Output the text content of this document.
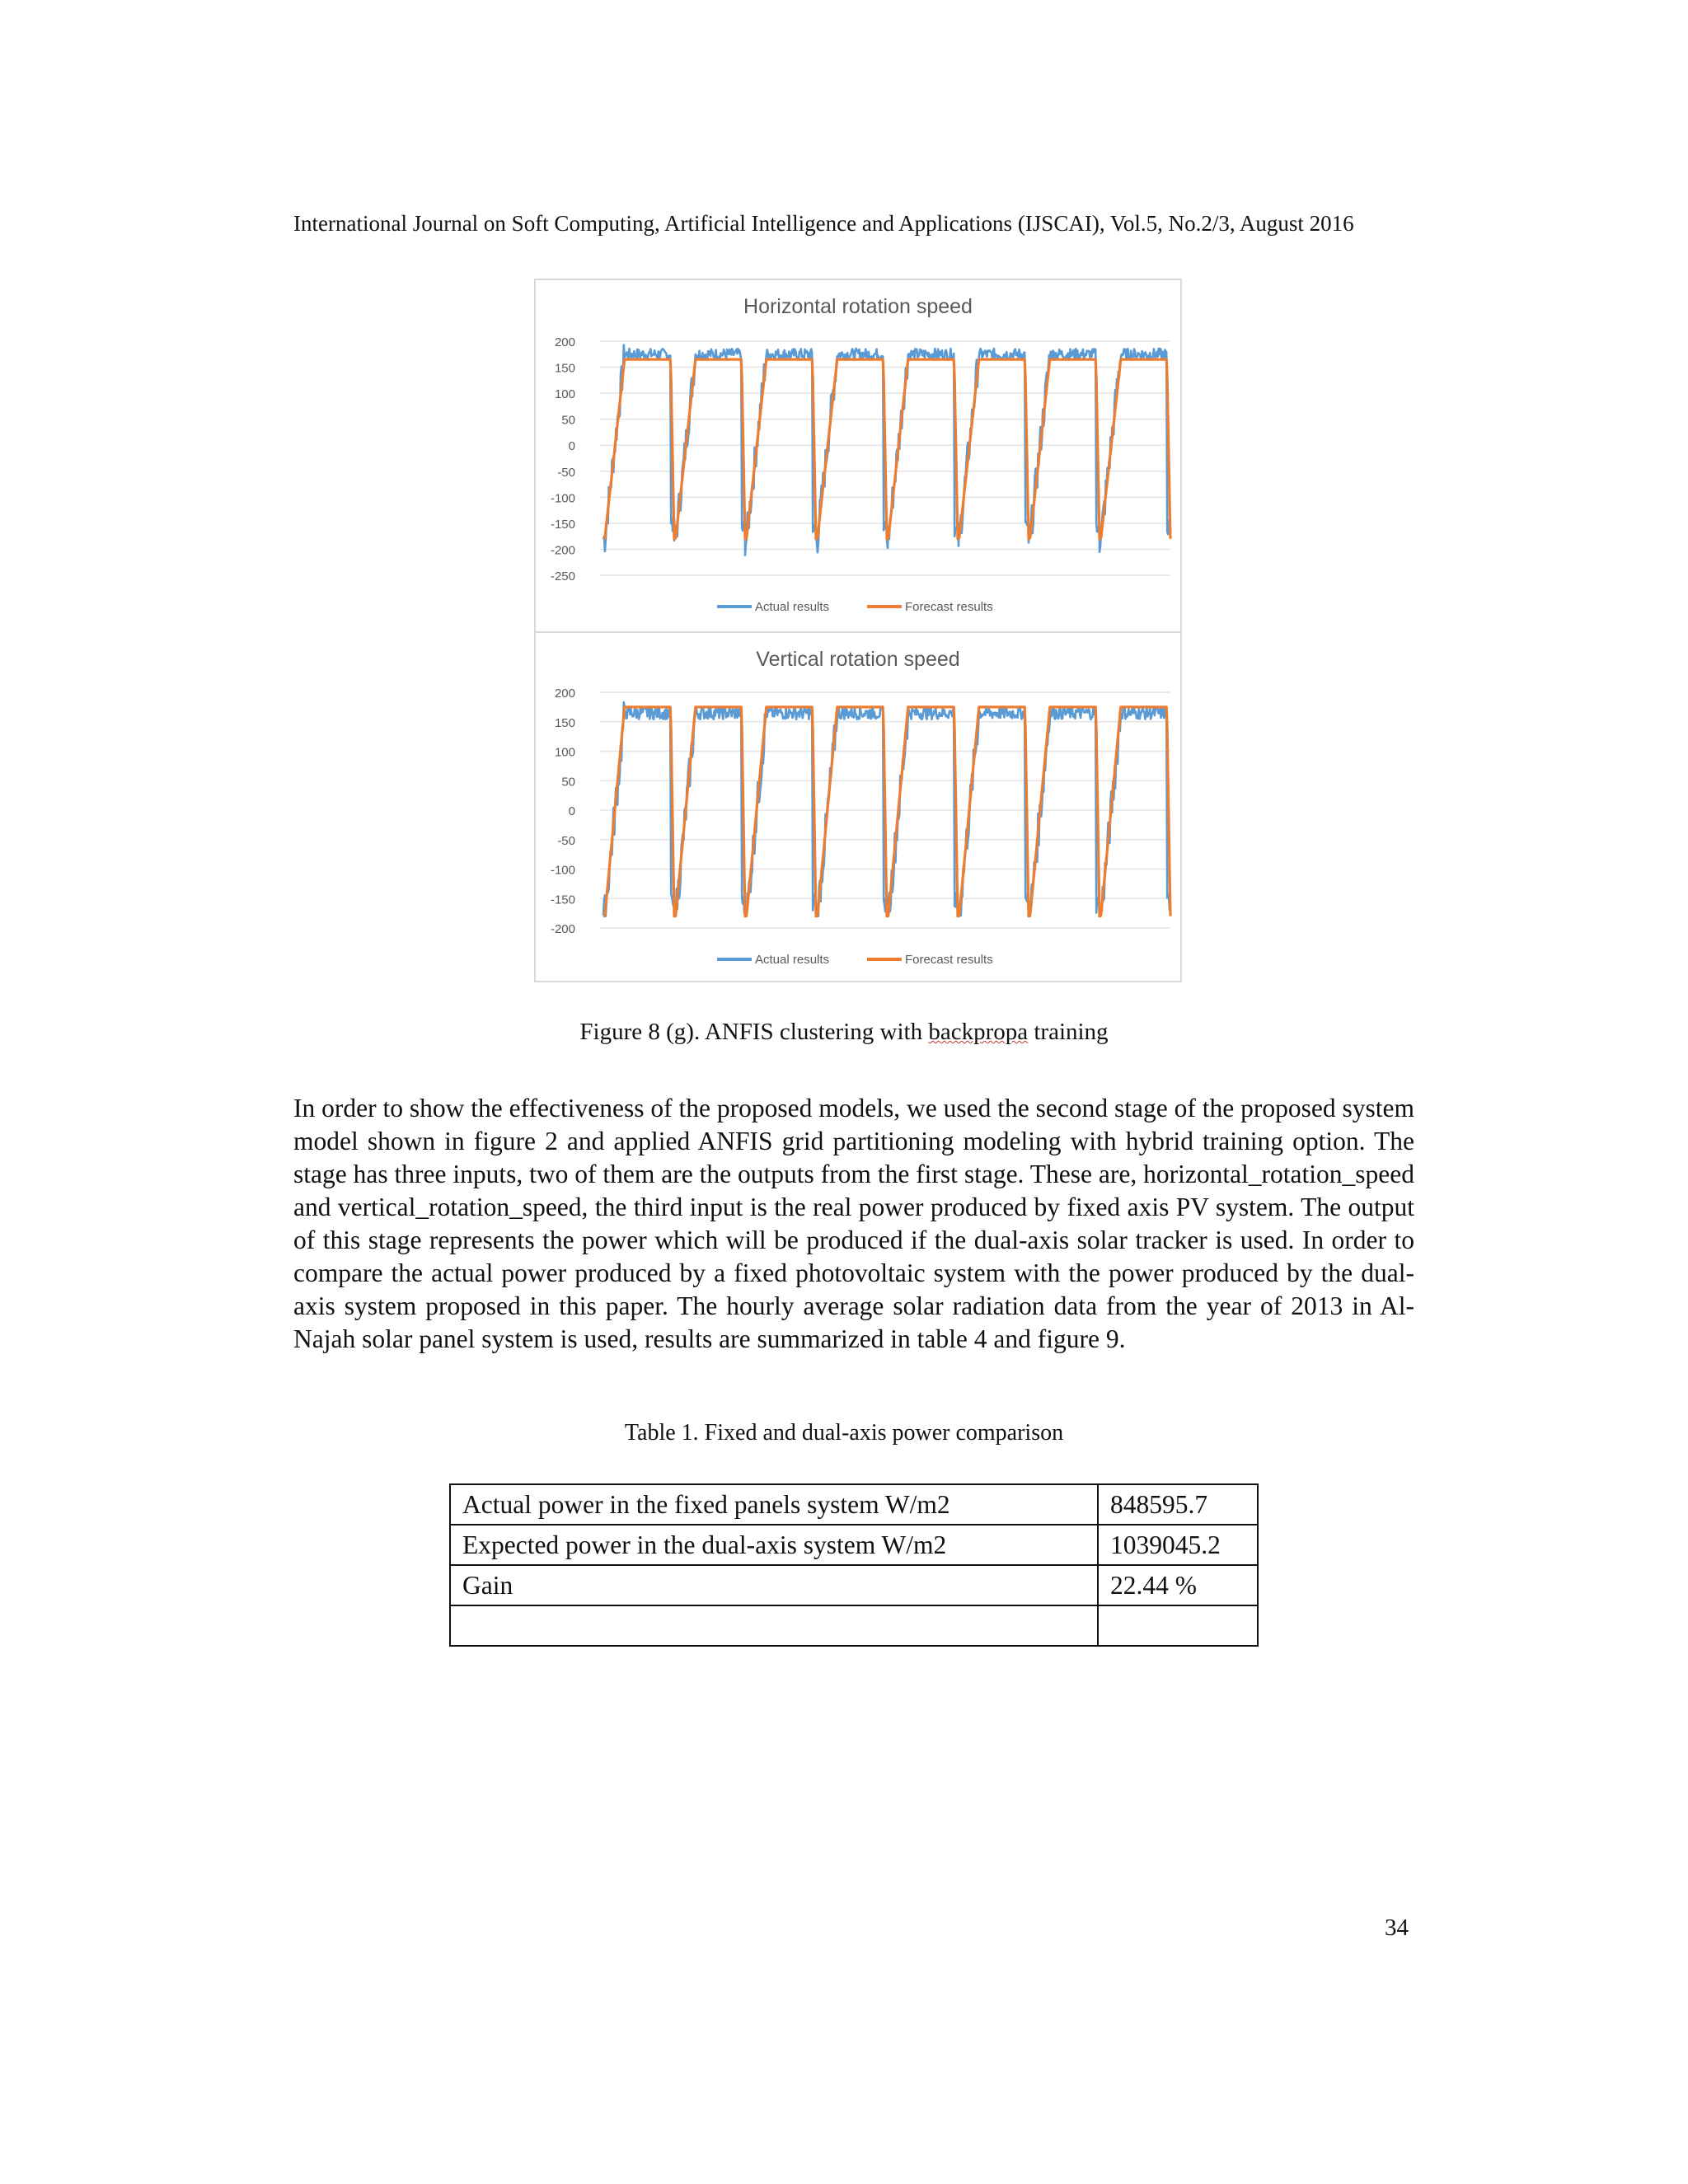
International Journal on Soft Computing, Artificial Intelligence and Applications (IJSCAI), Vol.5, No.2/3, August 2016
Horizontal rotation speed
200
150
100
50
0
-50
-100
-150
-200
-250
Actual results	Forecast results
Vertical rotation speed
200
150
100
50
0
-50
-100
-150
-200
Actual results	Forecast results
Figure 8 (g). ANFIS clustering with backpropa training

In order to show the effectiveness of the proposed models, we used the second stage of the proposed system model shown in figure 2 and applied ANFIS grid partitioning modeling with hybrid training option. The stage has three inputs, two of them are the outputs from the first stage. These are, horizontal_rotation_speed and vertical_rotation_speed, the third input is the real power produced by fixed axis PV system. The output of this stage represents the power which will be produced if the dual-axis solar tracker is used. In order to compare the actual power produced by a fixed photovoltaic system with the power produced by the dual-axis system proposed in this paper. The hourly average solar radiation data from the year of 2013 in Al-Najah solar panel system is used, results are summarized in table 4 and figure 9.

Table 1. Fixed and dual-axis power comparison
Actual power in the fixed panels system W/m2	848595.7
Expected power in the dual-axis system W/m2	1039045.2
Gain	22.44 %

34
